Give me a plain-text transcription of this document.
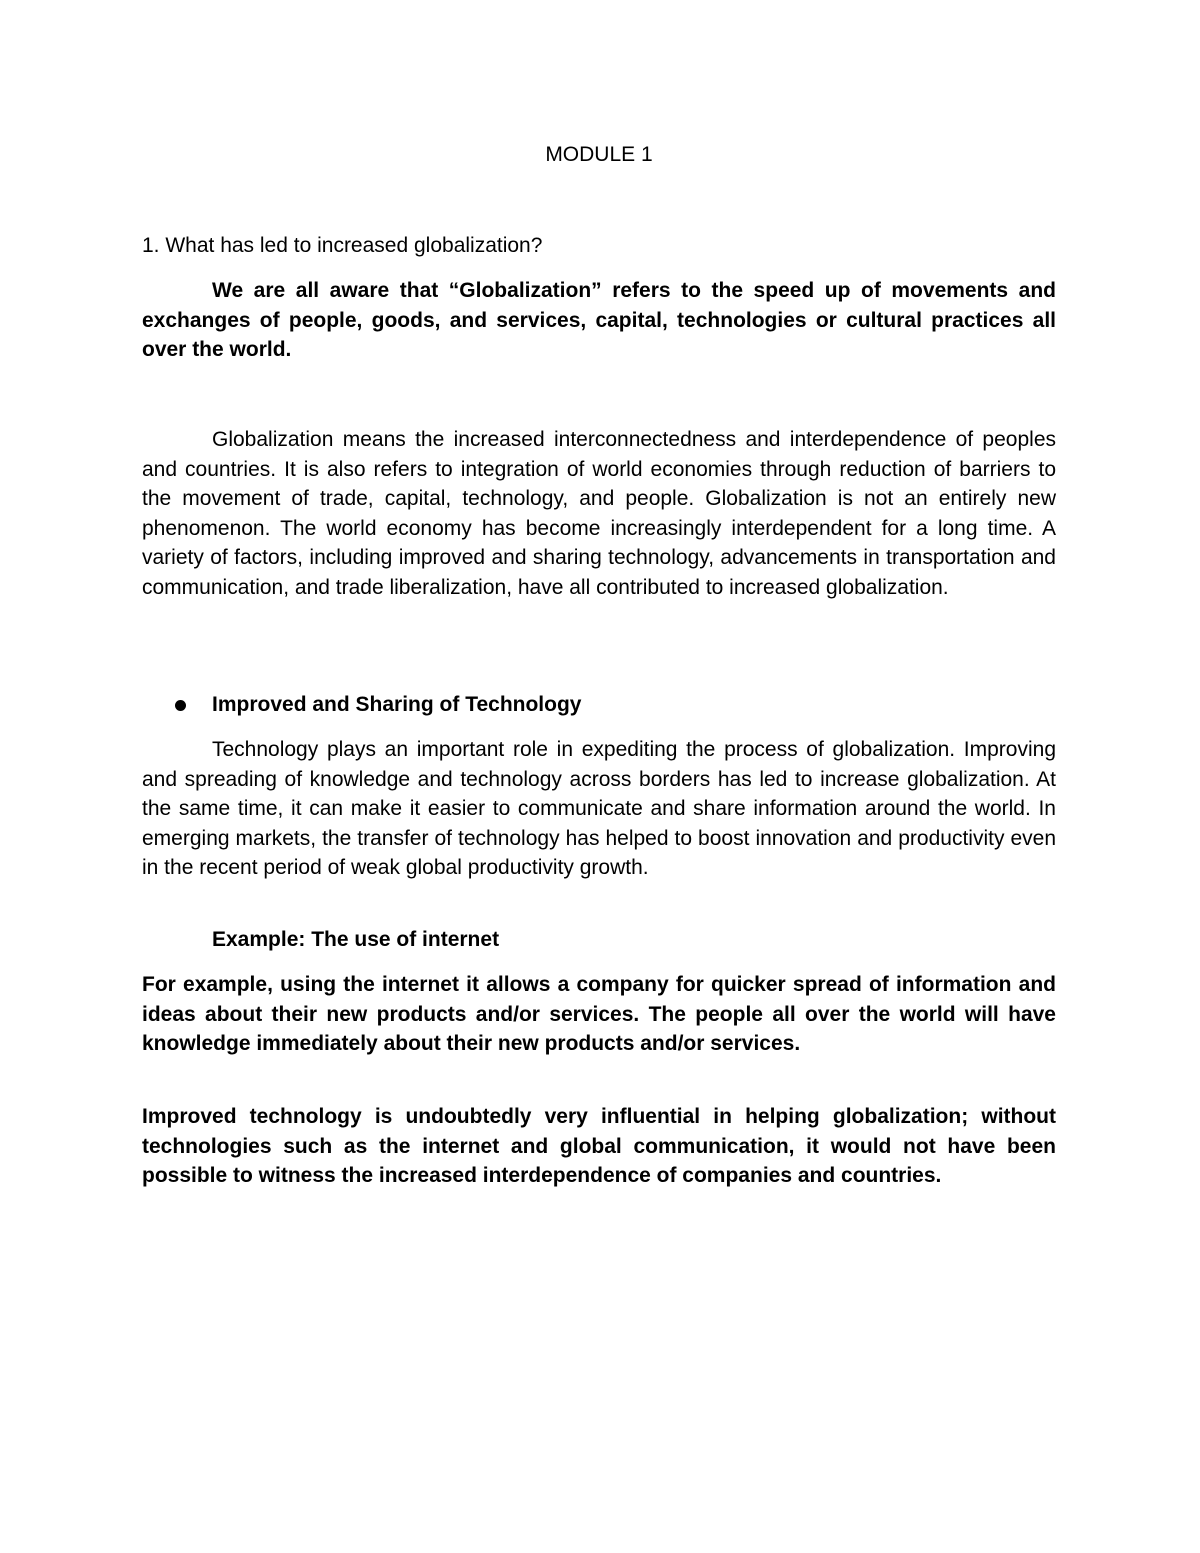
MODULE 1

1. What has led to increased globalization?

We are all aware that “Globalization” refers to the speed up of movements and exchanges of people, goods, and services, capital, technologies or cultural practices all over the world.

Globalization means the increased interconnectedness and interdependence of peoples and countries. It is also refers to integration of world economies through reduction of barriers to the movement of trade, capital, technology, and people. Globalization is not an entirely new phenomenon. The world economy has become increasingly interdependent for a long time. A variety of factors, including improved and sharing technology, advancements in transportation and communication, and trade liberalization, have all contributed to increased globalization.

Improved and Sharing of Technology

Technology plays an important role in expediting the process of globalization. Improving and spreading of knowledge and technology across borders has led to increase globalization. At the same time, it can make it easier to communicate and share information around the world. In emerging markets, the transfer of technology has helped to boost innovation and productivity even in the recent period of weak global productivity growth.

Example: The use of internet

For example, using the internet it allows a company for quicker spread of information and ideas about their new products and/or services. The people all over the world will have knowledge immediately about their new products and/or services.

Improved technology is undoubtedly very influential in helping globalization; without technologies such as the internet and global communication, it would not have been possible to witness the increased interdependence of companies and countries.
